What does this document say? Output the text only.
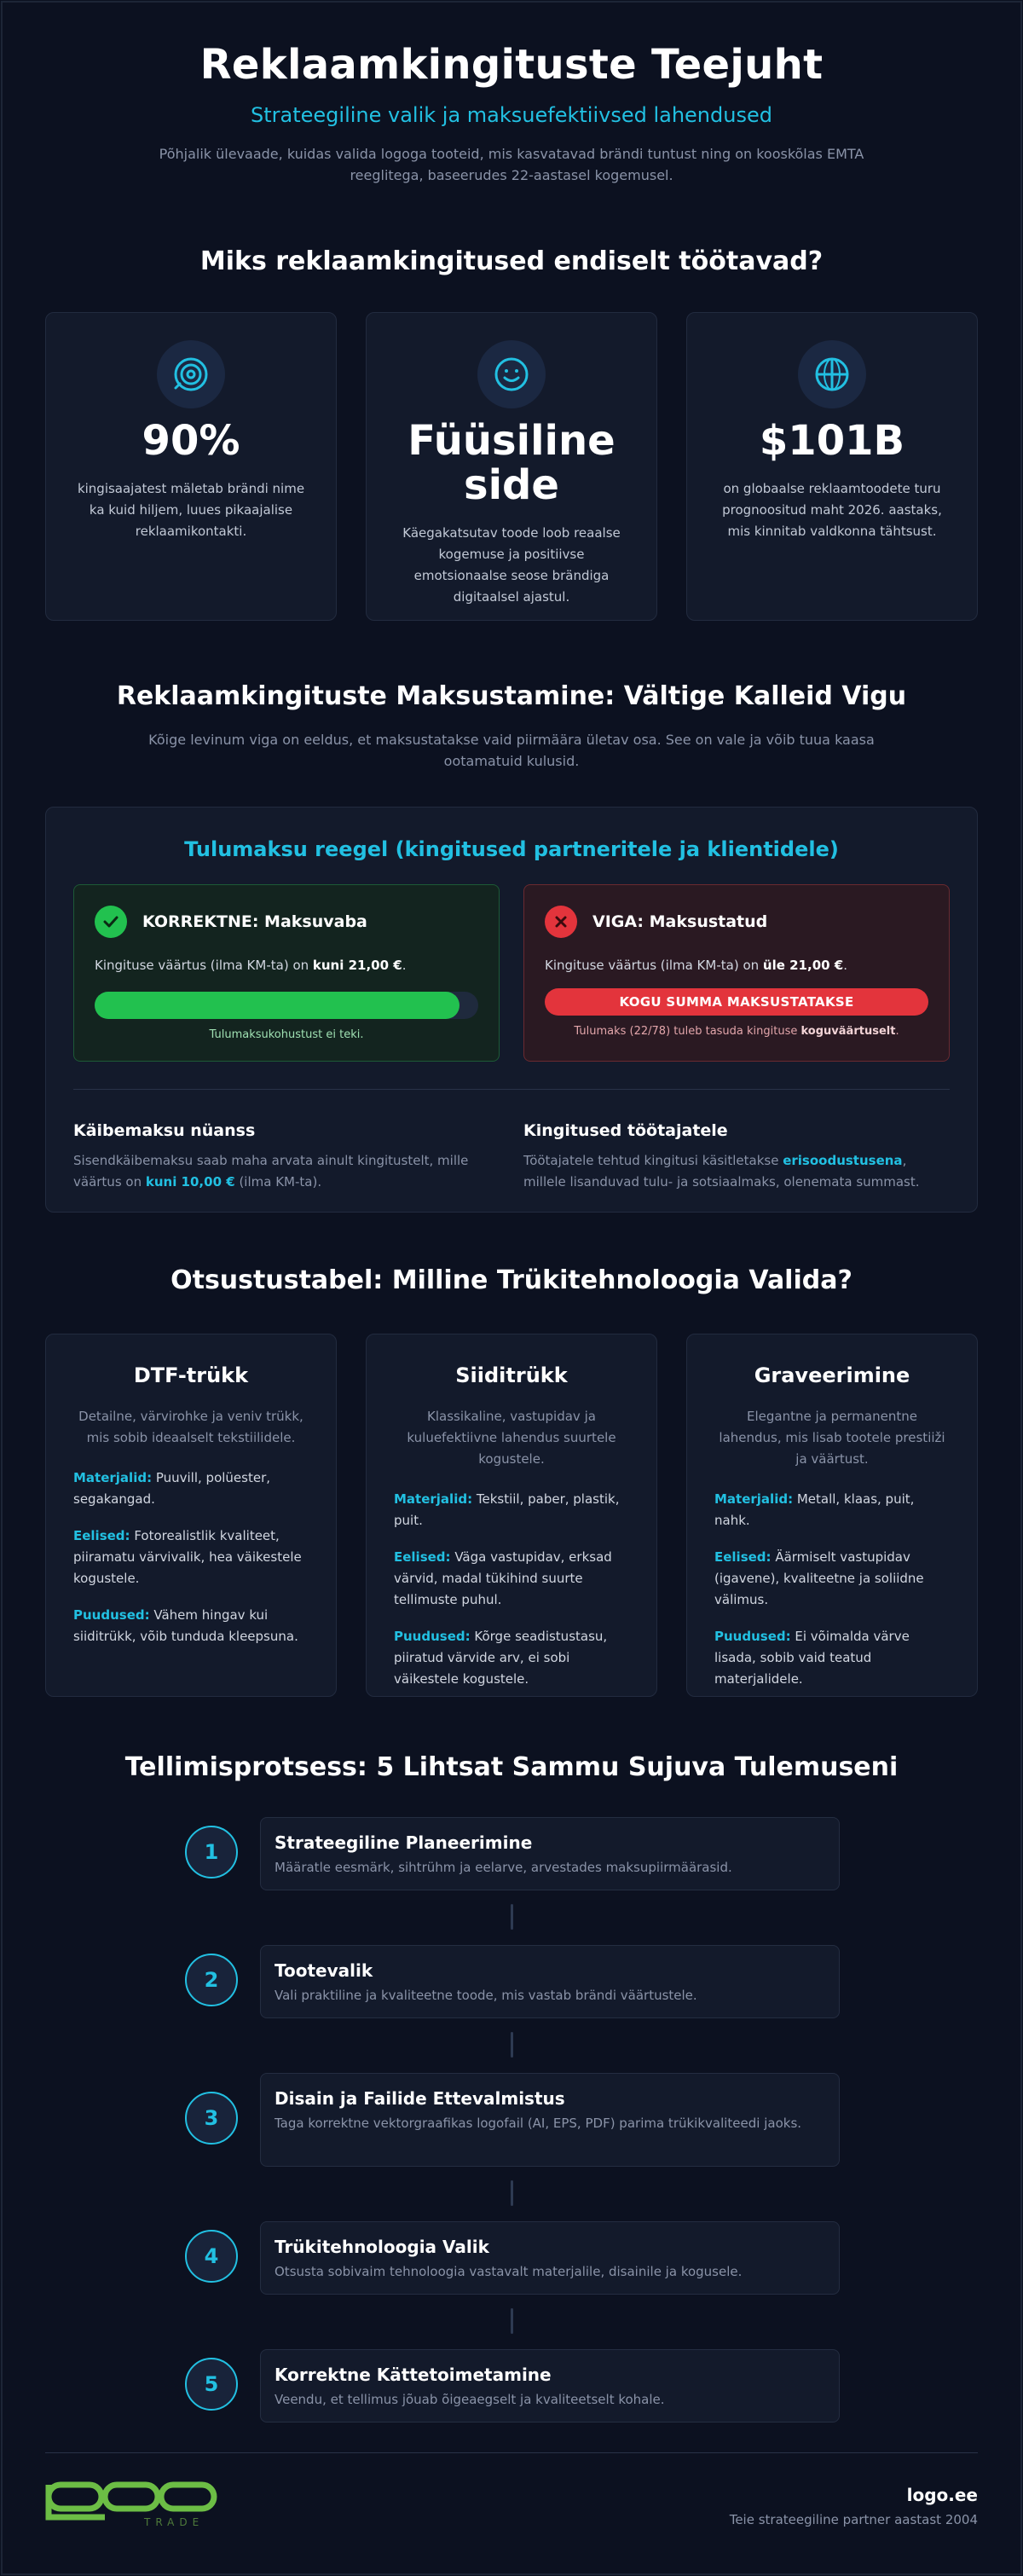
Reklaamkingituste Teejuht
Strateegiline valik ja maksuefektiivsed lahendused

Põhjalik ülevaade, kuidas valida logoga tooteid, mis kasvatavad brändi tuntust ning on kooskõlas EMTA reeglitega, baseerudes 22-aastasel kogemusel.

Miks reklaamkingitused endiselt töötavad?
90%
kingisaajatest mäletab brändi nime ka kuid hiljem, luues pikaajalise reklaamikontakti.
Füüsiline side
Käegakatsutav toode loob reaalse kogemuse ja positiivse emotsionaalse seose brändiga digitaalsel ajastul.
$101B
on globaalse reklaamtoodete turu prognoositud maht 2026. aastaks, mis kinnitab valdkonna tähtsust.
Reklaamkingituste Maksustamine: Vältige Kalleid Vigu

Kõige levinum viga on eeldus, et maksustatakse vaid piirmäära ületav osa. See on vale ja võib tuua kaasa ootamatuid kulusid.

Tulumaksu reegel (kingitused partneritele ja klientidele)
KORREKTNE: Maksuvaba
Kingituse väärtus (ilma KM-ta) on kuni 21,00 €.
Tulumaksukohustust ei teki.
VIGA: Maksustatud
Kingituse väärtus (ilma KM-ta) on üle 21,00 €.
KOGU SUMMA MAKSUSTATAKSE
Tulumaks (22/78) tuleb tasuda kingituse koguväärtuselt.
Käibemaksu nüanss
Sisendkäibemaksu saab maha arvata ainult kingitustelt, mille väärtus on kuni 10,00 € (ilma KM-ta).
Kingitused töötajatele
Töötajatele tehtud kingitusi käsitletakse erisoodustusena, millele lisanduvad tulu- ja sotsiaalmaks, olenemata summast.
Otsustustabel: Milline Trükitehnoloogia Valida?
DTF-trükk
Detailne, värvirohke ja veniv trükk, mis sobib ideaalselt tekstiilidele.
Materjalid: Puuvill, polüester, segakangad.
Eelised: Fotorealistlik kvaliteet, piiramatu värvivalik, hea väikestele kogustele.
Puudused: Vähem hingav kui siiditrükk, võib tunduda kleepsuna.
Siiditrükk
Klassikaline, vastupidav ja kuluefektiivne lahendus suurtele kogustele.
Materjalid: Tekstiil, paber, plastik, puit.
Eelised: Väga vastupidav, erksad värvid, madal tükihind suurte tellimuste puhul.
Puudused: Kõrge seadistustasu, piiratud värvide arv, ei sobi väikestele kogustele.
Graveerimine
Elegantne ja permanentne lahendus, mis lisab tootele prestiiži ja väärtust.
Materjalid: Metall, klaas, puit, nahk.
Eelised: Äärmiselt vastupidav (igavene), kvaliteetne ja soliidne välimus.
Puudused: Ei võimalda värve lisada, sobib vaid teatud materjalidele.
Tellimisprotsess: 5 Lihtsat Sammu Sujuva Tulemuseni
1	Strateegiline Planeerimine
Määratle eesmärk, sihtrühm ja eelarve, arvestades maksupiirmäärasid.
2	Tootevalik
Vali praktiline ja kvaliteetne toode, mis vastab brändi väärtustele.
3
Disain ja Failide Ettevalmistus
Taga korrektne vektorgraafikas logofail (AI, EPS, PDF) parima trükikvaliteedi jaoks.
4	Trükitehnoloogia Valik
Otsusta sobivaim tehnoloogia vastavalt materjalile, disainile ja kogusele.
5	Korrektne Kättetoimetamine
Veendu, et tellimus jõuab õigeaegselt ja kvaliteetselt kohale.
TRADE
logo.ee
Teie strateegiline partner aastast 2004
